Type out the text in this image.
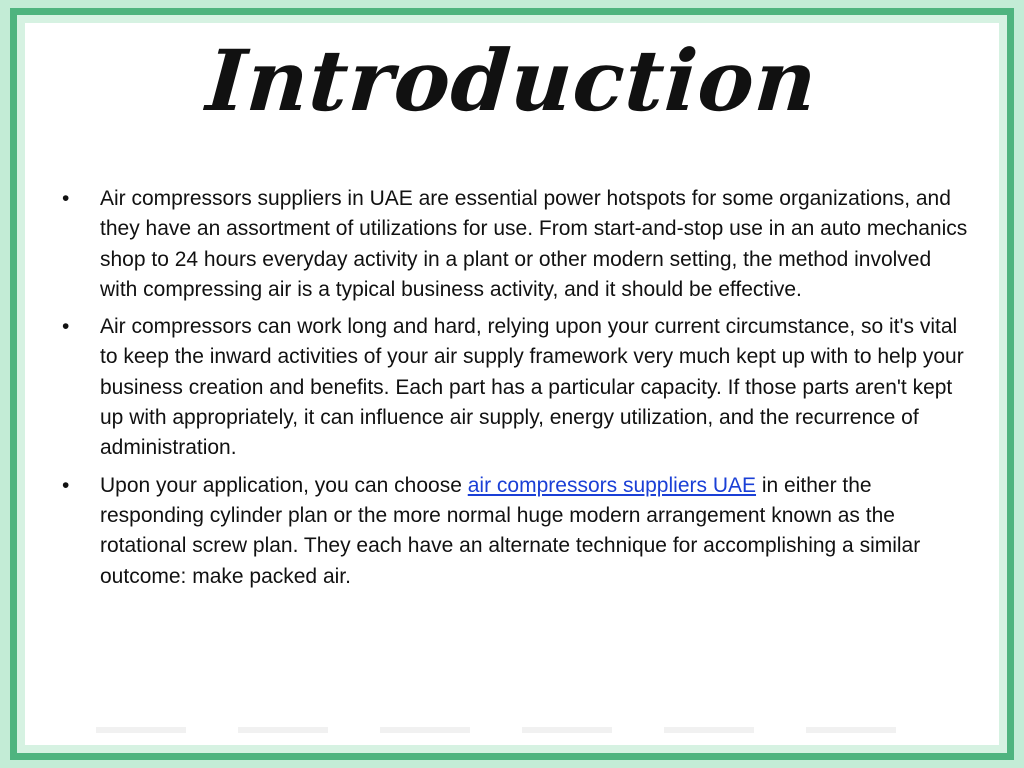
Introduction
• Air compressors suppliers in UAE are essential power hotspots for some organizations, and they have an assortment of utilizations for use. From start-and-stop use in an auto mechanics shop to 24 hours everyday activity in a plant or other modern setting, the method involved with compressing air is a typical business activity, and it should be effective.
• Air compressors can work long and hard, relying upon your current circumstance, so it's vital to keep the inward activities of your air supply framework very much kept up with to help your business creation and benefits. Each part has a particular capacity. If those parts aren't kept up with appropriately, it can influence air supply, energy utilization, and the recurrence of administration.
• Upon your application, you can choose air compressors suppliers UAE in either the responding cylinder plan or the more normal huge modern arrangement known as the rotational screw plan. They each have an alternate technique for accomplishing a similar outcome: make packed air.
